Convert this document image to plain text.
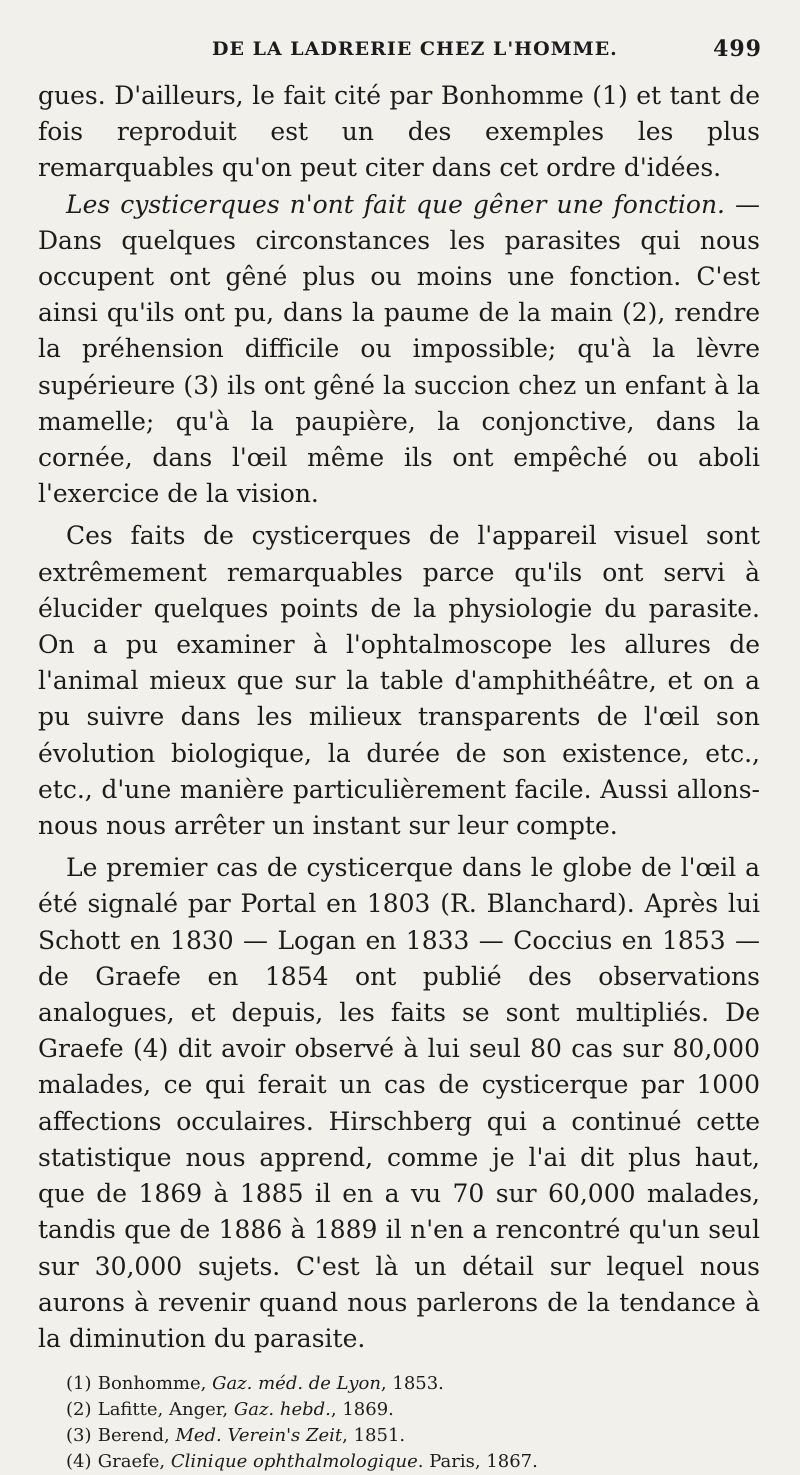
DE LA LADRERIE CHEZ L'HOMME.	499

gues. D'ailleurs, le fait cité par Bonhomme (1) et tant de fois reproduit est un des exemples les plus remarquables qu'on peut citer dans cet ordre d'idées.

Les cysticerques n'ont fait que gêner une fonction. — Dans quelques circonstances les parasites qui nous occupent ont gêné plus ou moins une fonction. C'est ainsi qu'ils ont pu, dans la paume de la main (2), rendre la préhension difficile ou impossible; qu'à la lèvre supérieure (3) ils ont gêné la succion chez un enfant à la mamelle; qu'à la paupière, la conjonctive, dans la cornée, dans l'œil même ils ont empêché ou aboli l'exercice de la vision.

Ces faits de cysticerques de l'appareil visuel sont extrêmement remarquables parce qu'ils ont servi à élucider quelques points de la physiologie du parasite. On a pu examiner à l'ophtalmoscope les allures de l'animal mieux que sur la table d'amphithéâtre, et on a pu suivre dans les milieux transparents de l'œil son évolution biologique, la durée de son existence, etc., etc., d'une manière particulièrement facile. Aussi allons-nous nous arrêter un instant sur leur compte.

Le premier cas de cysticerque dans le globe de l'œil a été signalé par Portal en 1803 (R. Blanchard). Après lui Schott en 1830 — Logan en 1833 — Coccius en 1853 — de Graefe en 1854 ont publié des observations analogues, et depuis, les faits se sont multipliés. De Graefe (4) dit avoir observé à lui seul 80 cas sur 80,000 malades, ce qui ferait un cas de cysticerque par 1000 affections occulaires. Hirschberg qui a continué cette statistique nous apprend, comme je l'ai dit plus haut, que de 1869 à 1885 il en a vu 70 sur 60,000 malades, tandis que de 1886 à 1889 il n'en a rencontré qu'un seul sur 30,000 sujets. C'est là un détail sur lequel nous aurons à revenir quand nous parlerons de la tendance à la diminution du parasite.

(1) Bonhomme, Gaz. méd. de Lyon, 1853.
(2) Lafitte, Anger, Gaz. hebd., 1869.
(3) Berend, Med. Verein's Zeit, 1851.
(4) Graefe, Clinique ophthalmologique. Paris, 1867.
